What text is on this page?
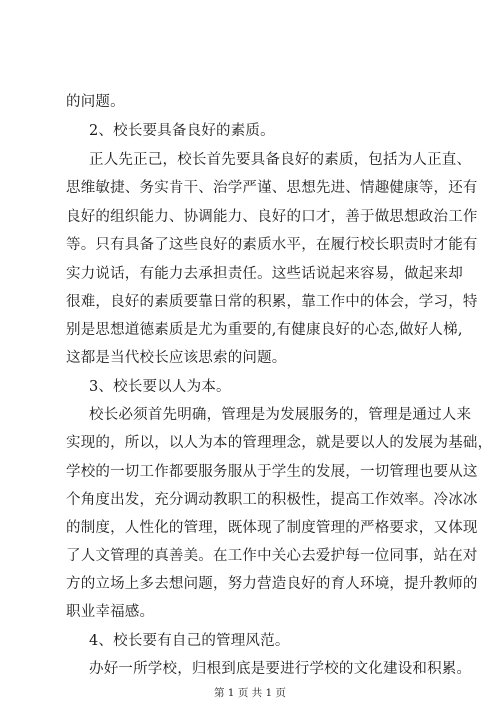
的问题。
2、校长要具备良好的素质。
正人先正己，校长首先要具备良好的素质，包括为人正直、
思维敏捷、务实肯干、治学严谨、思想先进、情趣健康等，还有
良好的组织能力、协调能力、良好的口才，善于做思想政治工作
等。只有具备了这些良好的素质水平，在履行校长职责时才能有
实力说话，有能力去承担责任。这些话说起来容易，做起来却
很难，良好的素质要靠日常的积累，靠工作中的体会，学习，特
别是思想道德素质是尤为重要的,有健康良好的心态,做好人梯,
这都是当代校长应该思索的问题。
3、校长要以人为本。
校长必须首先明确，管理是为发展服务的，管理是通过人来
实现的，所以，以人为本的管理理念，就是要以人的发展为基础，
学校的一切工作都要服务服从于学生的发展，一切管理也要从这
个角度出发，充分调动教职工的积极性，提高工作效率。冷冰冰
的制度，人性化的管理，既体现了制度管理的严格要求，又体现
了人文管理的真善美。在工作中关心去爱护每一位同事，站在对
方的立场上多去想问题，努力营造良好的育人环境，提升教师的
职业幸福感。
4、校长要有自己的管理风范。
办好一所学校，归根到底是要进行学校的文化建设和积累。
第 1 页 共 1 页
